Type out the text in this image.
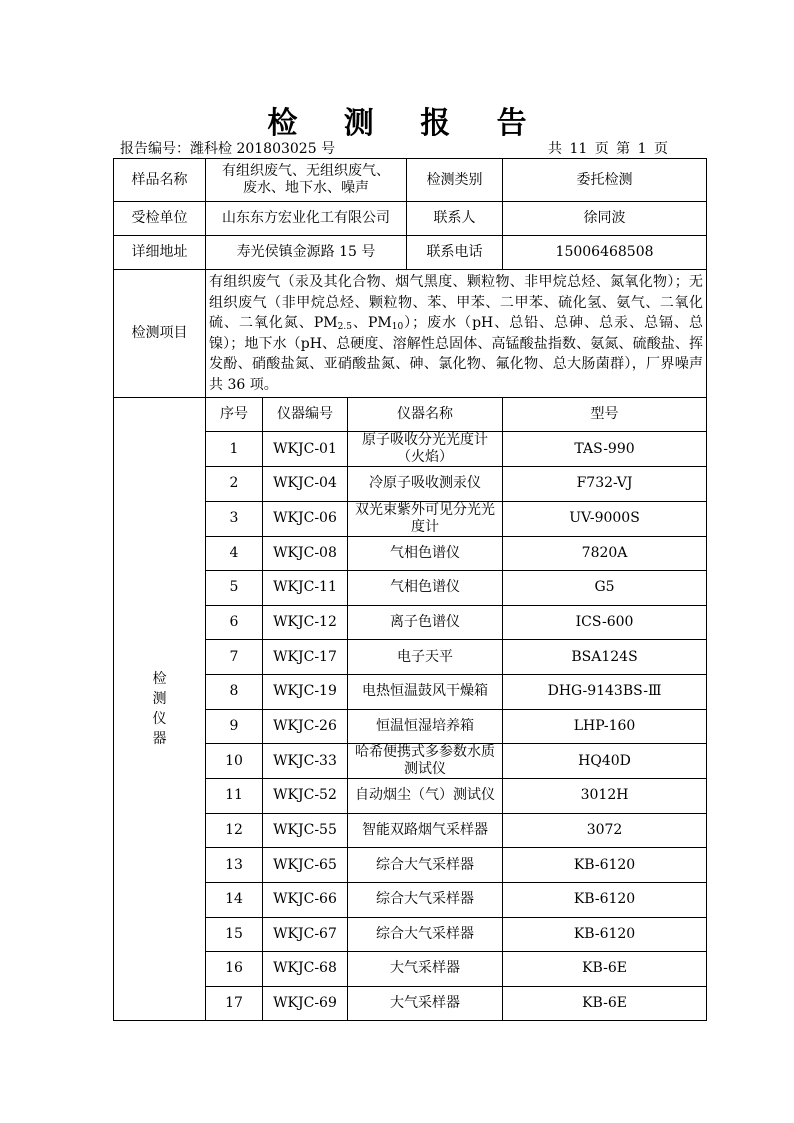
检 测 报 告
报告编号：潍科检 201803025 号	共 11 页 第 1 页
样品名称	有组织废气、无组织废气、废水、地下水、噪声			检测类别	委托检测
受检单位	山东东方宏业化工有限公司			联系人	徐同波
详细地址	寿光侯镇金源路 15 号			联系电话	15006468508
检测项目	有组织废气（汞及其化合物、烟气黑度、颗粒物、非甲烷总烃、氮氧化物）；无组织废气（非甲烷总烃、颗粒物、苯、甲苯、二甲苯、硫化氢、氨气、二氧化硫、二氧化氮、$PM_{2.5}$、$PM_{10}$）；废水（pH、总铅、总砷、总汞、总镉、总镍）；地下水（pH、总硬度、溶解性总固体、高锰酸盐指数、氨氮、硫酸盐、挥发酚、硝酸盐氮、亚硝酸盐氮、砷、氯化物、氟化物、总大肠菌群），厂界噪声共 36 项。				

检
测
仪
器	序号	仪器编号	仪器名称		型号
	1	WKJC-01	原子吸收分光光度计（火焰）		TAS-990
	2	WKJC-04	冷原子吸收测汞仪		F732-VJ
	3	WKJC-06	双光束紫外可见分光光度计		UV-9000S
	4	WKJC-08	气相色谱仪		7820A
	5	WKJC-11	气相色谱仪		G5
	6	WKJC-12	离子色谱仪		ICS-600
	7	WKJC-17	电子天平		BSA124S
	8	WKJC-19	电热恒温鼓风干燥箱		DHG-9143BS-Ⅲ
	9	WKJC-26	恒温恒湿培养箱		LHP-160
	10	WKJC-33	哈希便携式多参数水质测试仪		HQ40D
	11	WKJC-52	自动烟尘（气）测试仪		3012H
	12	WKJC-55	智能双路烟气采样器		3072
	13	WKJC-65	综合大气采样器		KB-6120
	14	WKJC-66	综合大气采样器		KB-6120
	15	WKJC-67	综合大气采样器		KB-6120
	16	WKJC-68	大气采样器		KB-6E
	17	WKJC-69	大气采样器		KB-6E
